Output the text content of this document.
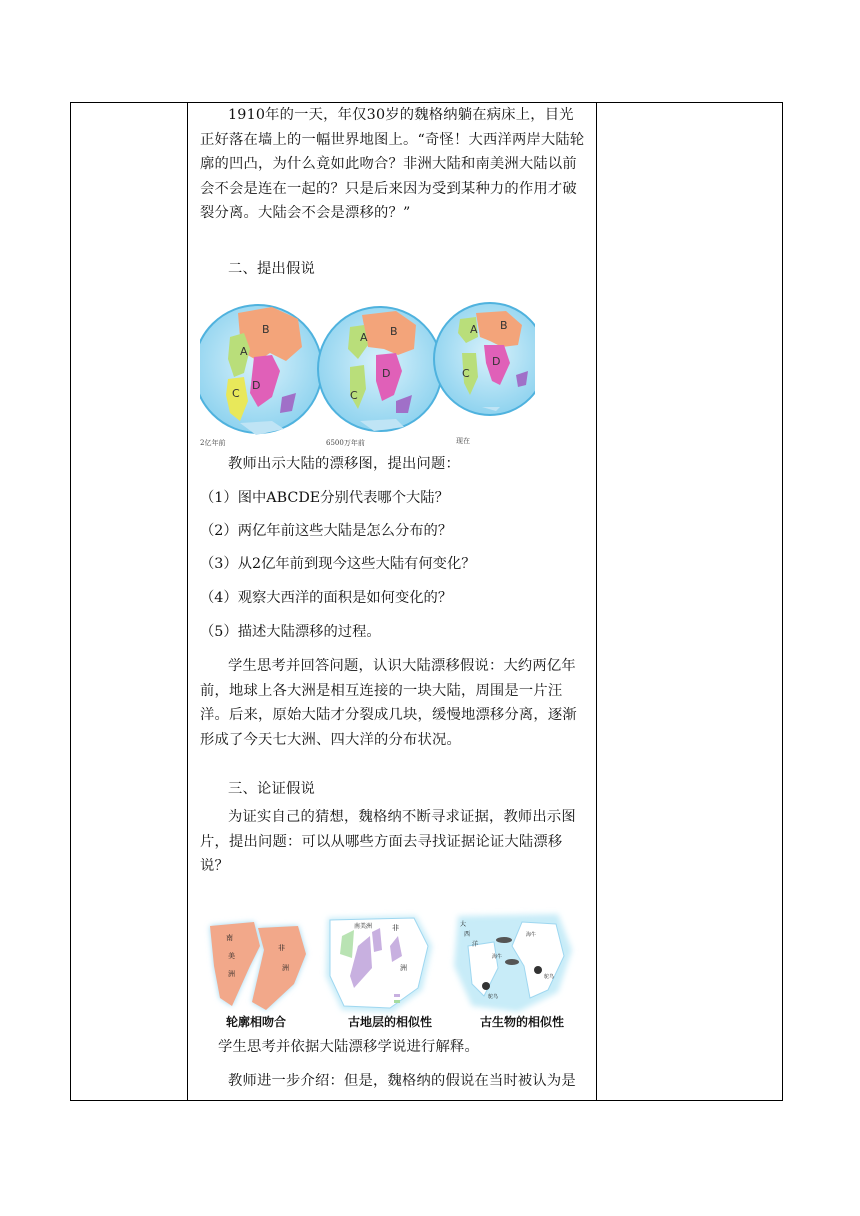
1910年的一天，年仅30岁的魏格纳躺在病床上，目光正好落在墙上的一幅世界地图上。“奇怪！大西洋两岸大陆轮廓的凹凸，为什么竟如此吻合？非洲大陆和南美洲大陆以前会不会是连在一起的？只是后来因为受到某种力的作用才破裂分离。大陆会不会是漂移的？”

二、提出假说

B
A
C
D
2亿年前
B
A
C
D
6500万年前
B
A
C
D
现在

教师出示大陆的漂移图，提出问题：

（1）图中ABCDE分别代表哪个大陆？
（2）两亿年前这些大陆是怎么分布的？
（3）从2亿年前到现今这些大陆有何变化？
（4）观察大西洋的面积是如何变化的？
（5）描述大陆漂移的过程。

学生思考并回答问题，认识大陆漂移假说：大约两亿年前，地球上各大洲是相互连接的一块大陆，周围是一片汪洋。后来，原始大陆才分裂成几块，缓慢地漂移分离，逐渐形成了今天七大洲、四大洋的分布状况。

三、论证假说

为证实自己的猜想，魏格纳不断寻求证据，教师出示图片，提出问题：可以从哪些方面去寻找证据论证大陆漂移说？

南
美
洲
非
洲
南美洲	非
洲
大
西
洋
海牛
海牛
鸵鸟
鸵鸟
轮廓相吻合	古地层的相似性	古生物的相似性

学生思考并依据大陆漂移学说进行解释。

教师进一步介绍：但是，魏格纳的假说在当时被认为是
